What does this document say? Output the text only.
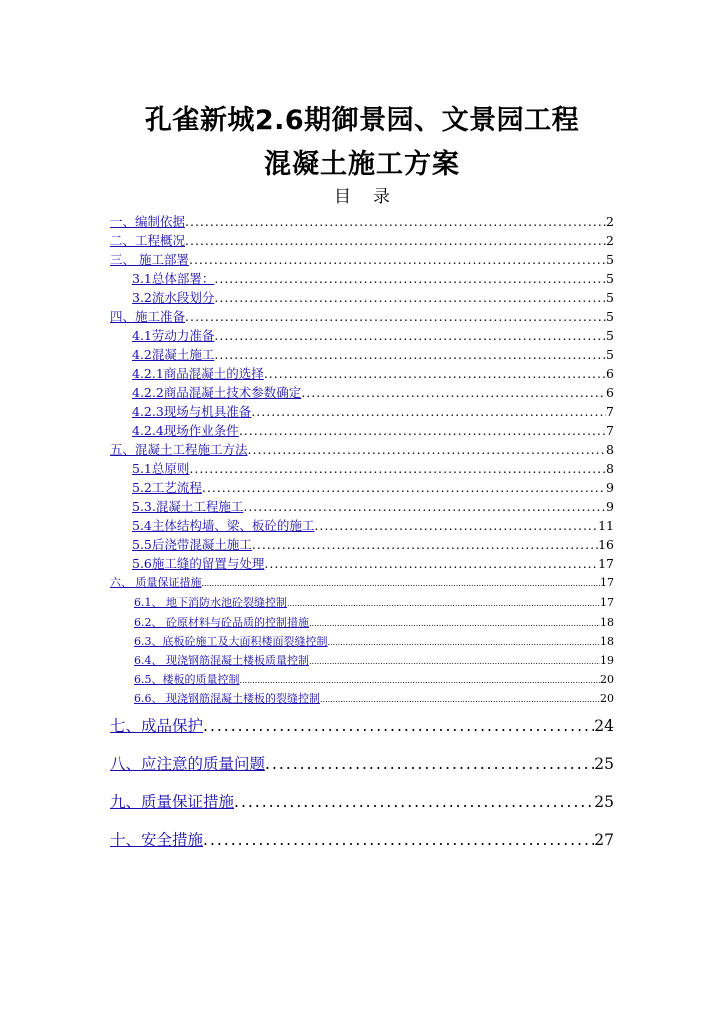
孔雀新城2.6期御景园、文景园工程
混凝土施工方案
目录
一、编制依据 .....	2
二、工程概况 .....	2
三、 施工部署 .....	5
3.1总体部署： .....	5
3.2流水段划分 .....	5
四、施工准备 .....	5
4.1劳动力准备 .....	5
4.2混凝土施工 .....	5
4.2.1商品混凝土的选择 .....	6
4.2.2商品混凝土技术参数确定 .....	6
4.2.3现场与机具准备 .....	7
4.2.4现场作业条件 .....	7
五、混凝土工程施工方法 .....	8
5.1总原则 .....	8
5.2工艺流程 .....	9
5.3.混凝土工程施工 .....	9
5.4主体结构墙、梁、板砼的施工 .....	11
5.5后浇带混凝土施工 .....	16
5.6施工缝的留置与处理 .....	17
六、 质量保证措施 .....	17
6.1、 地下消防水池砼裂缝控制 .....	17
6.2、 砼原材料与砼品质的控制措施 .....	18
6.3、底板砼施工及大面积楼面裂缝控制 .....	18
6.4、 现浇钢筋混凝土楼板质量控制 .....	19
6.5、楼板的质量控制 .....	20
6.6、 现浇钢筋混凝土楼板的裂缝控制 .....	20
七、成品保护 .....	24
八、应注意的质量问题 .....	25
九、质量保证措施 .....	25
十、安全措施 .....	27
